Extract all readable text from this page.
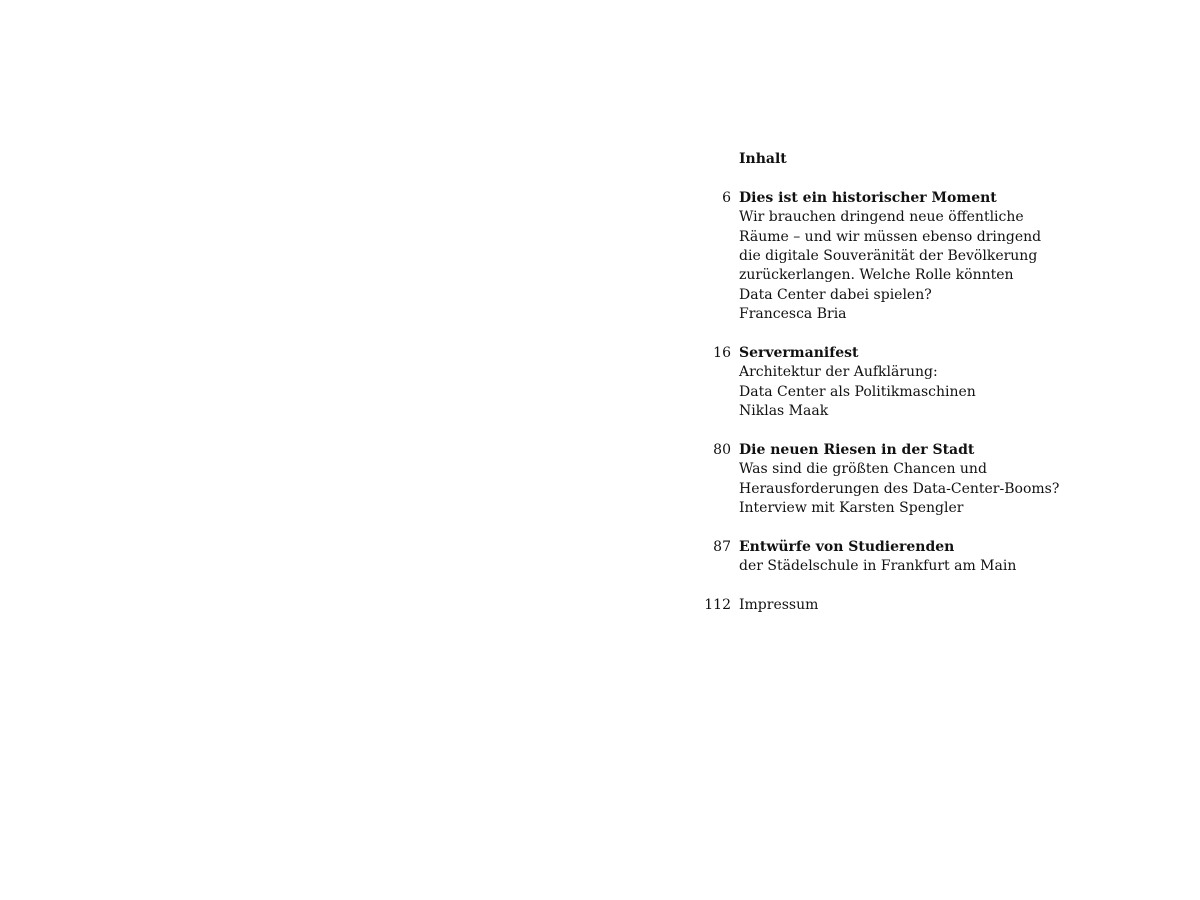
Inhalt
6 Dies ist ein historischer Moment
Wir brauchen dringend neue öffentliche
Räume – und wir müssen ebenso dringend
die digitale Souveränität der Bevölkerung
zurückerlangen. Welche Rolle könnten
Data Center dabei spielen?
Francesca Bria
16 Servermanifest
Architektur der Aufklärung:
Data Center als Politikmaschinen
Niklas Maak
80 Die neuen Riesen in der Stadt
Was sind die größten Chancen und
Herausforderungen des Data-Center-Booms?
Interview mit Karsten Spengler
87 Entwürfe von Studierenden
der Städelschule in Frankfurt am Main
112 Impressum
